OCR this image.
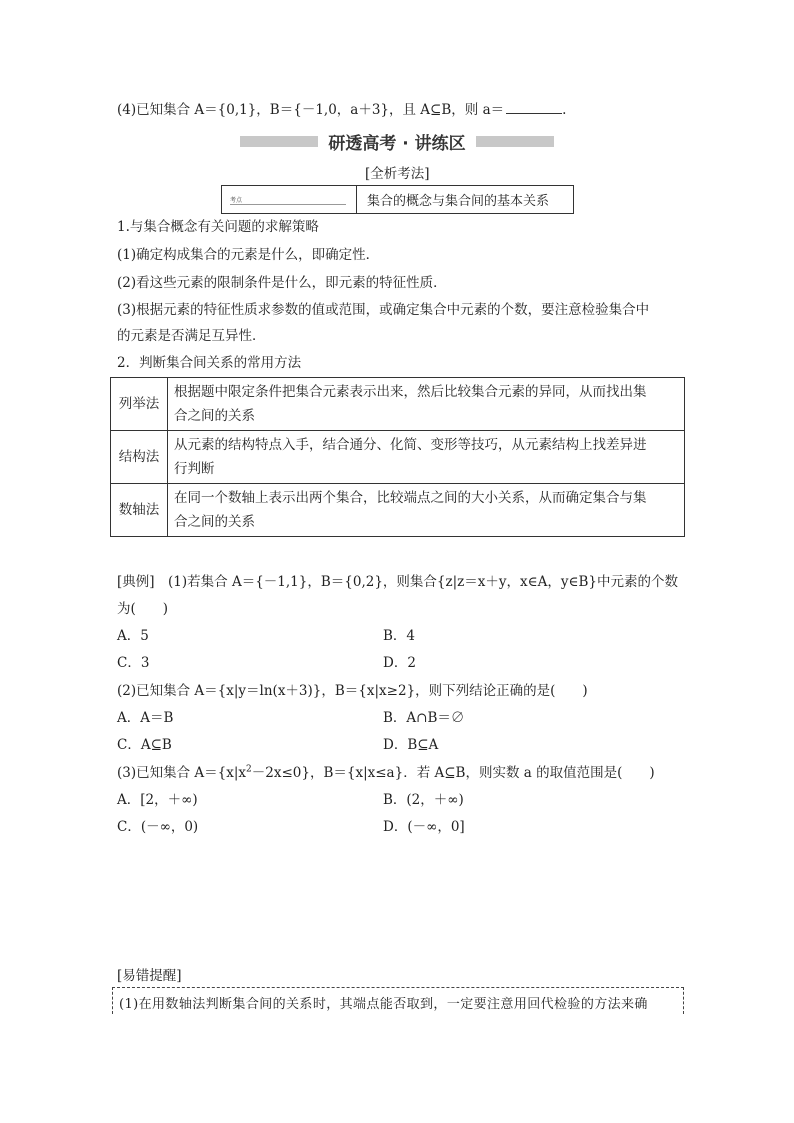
(4)已知集合 A＝{0,1}，B＝{－1,0，a＋3}，且 A⊆B，则 a＝	.
研透高考 · 讲练区
[全析考法]
考点	集合的概念与集合间的基本关系
1.与集合概念有关问题的求解策略
(1)确定构成集合的元素是什么，即确定性．
(2)看这些元素的限制条件是什么，即元素的特征性质．
(3)根据元素的特征性质求参数的值或范围，或确定集合中元素的个数，要注意检验集合中
的元素是否满足互异性．
2．判断集合间关系的常用方法
列举法	根据题中限定条件把集合元素表示出来，然后比较集合元素的异同，从而找出集
合之间的关系
结构法	从元素的结构特点入手，结合通分、化简、变形等技巧，从元素结构上找差异进
行判断
数轴法	在同一个数轴上表示出两个集合，比较端点之间的大小关系，从而确定集合与集
合之间的关系
[典例]　(1)若集合 A＝{－1,1}，B＝{0,2}，则集合{z|z＝x＋y，x∈A，y∈B}中元素的个数
为(　　)
A．5	B．4
C．3	D．2
(2)已知集合 A＝{x|y＝ln(x＋3)}，B＝{x|x≥2}，则下列结论正确的是(　　)
A．A＝B	B．A∩B＝∅
C．A⊆B	D．B⊆A
(3)已知集合 $A=\{x|x^2-2x\le 0\}$，B＝{x|x≤a}．若 A⊆B，则实数 a 的取值范围是(　　)
A．[2，＋∞)	B．(2，＋∞)
C．(－∞，0)	D．(－∞，0]
[易错提醒]
(1)在用数轴法判断集合间的关系时，其端点能否取到，一定要注意用回代检验的方法来确
